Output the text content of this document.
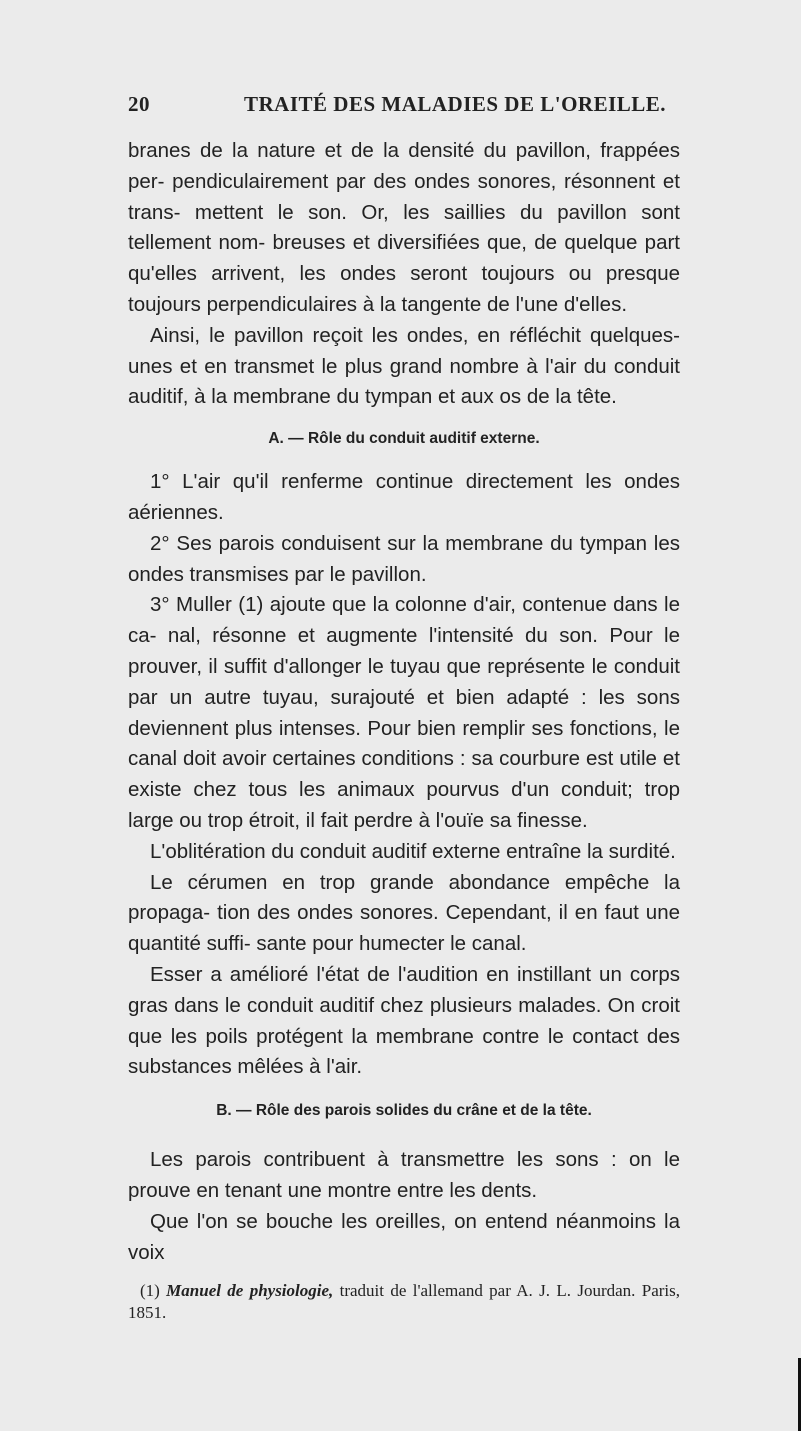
20	TRAITÉ DES MALADIES DE L'OREILLE.

branes de la nature et de la densité du pavillon, frappées per- pendiculairement par des ondes sonores, résonnent et trans- mettent le son. Or, les saillies du pavillon sont tellement nom- breuses et diversifiées que, de quelque part qu'elles arrivent, les ondes seront toujours ou presque toujours perpendiculaires à la tangente de l'une d'elles.

Ainsi, le pavillon reçoit les ondes, en réfléchit quelques-unes et en transmet le plus grand nombre à l'air du conduit auditif, à la membrane du tympan et aux os de la tête.

A. — Rôle du conduit auditif externe.

1° L'air qu'il renferme continue directement les ondes aériennes.

2° Ses parois conduisent sur la membrane du tympan les ondes transmises par le pavillon.

3° Muller (1) ajoute que la colonne d'air, contenue dans le ca- nal, résonne et augmente l'intensité du son. Pour le prouver, il suffit d'allonger le tuyau que représente le conduit par un autre tuyau, surajouté et bien adapté : les sons deviennent plus intenses. Pour bien remplir ses fonctions, le canal doit avoir certaines conditions : sa courbure est utile et existe chez tous les animaux pourvus d'un conduit; trop large ou trop étroit, il fait perdre à l'ouïe sa finesse.

L'oblitération du conduit auditif externe entraîne la surdité.

Le cérumen en trop grande abondance empêche la propaga- tion des ondes sonores. Cependant, il en faut une quantité suffi- sante pour humecter le canal.

Esser a amélioré l'état de l'audition en instillant un corps gras dans le conduit auditif chez plusieurs malades. On croit que les poils protégent la membrane contre le contact des substances mêlées à l'air.

B. — Rôle des parois solides du crâne et de la tête.

Les parois contribuent à transmettre les sons : on le prouve en tenant une montre entre les dents.

Que l'on se bouche les oreilles, on entend néanmoins la voix

(1) Manuel de physiologie, traduit de l'allemand par A. J. L. Jourdan. Paris, 1851.
